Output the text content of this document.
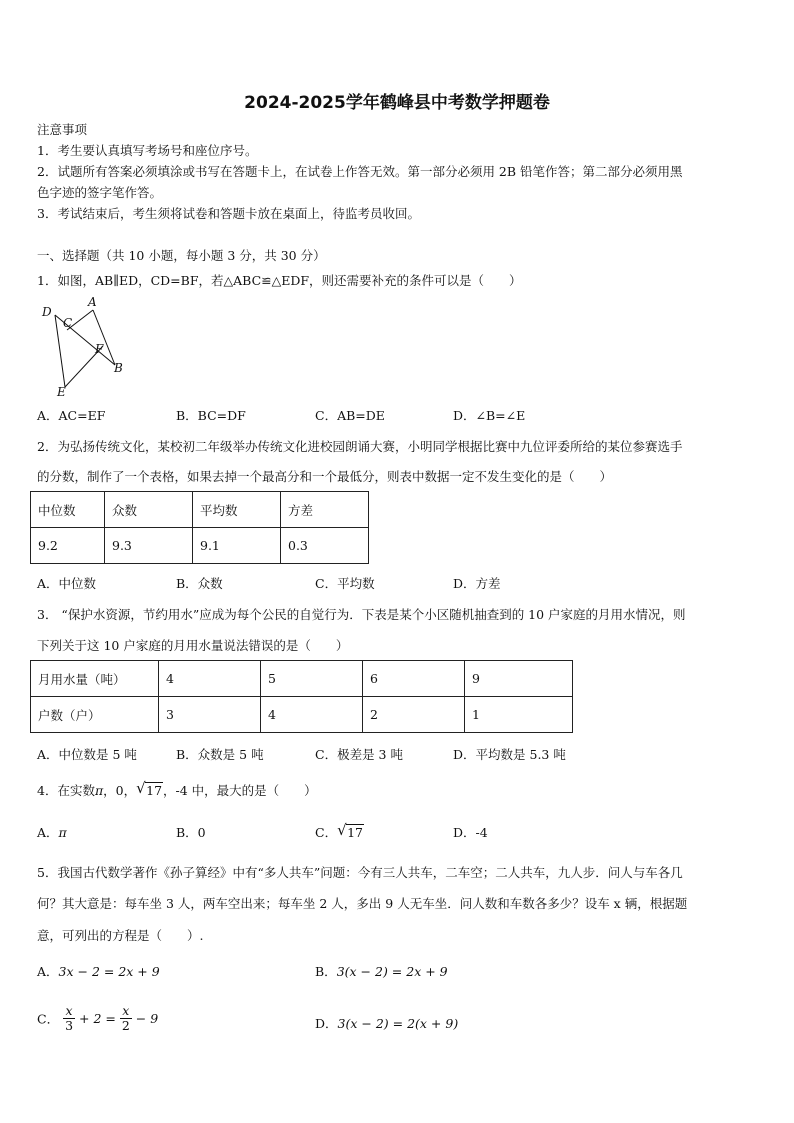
2024-2025学年鹤峰县中考数学押题卷
注意事项
1．考生要认真填写考场号和座位序号。
2．试题所有答案必须填涂或书写在答题卡上，在试卷上作答无效。第一部分必须用 2B 铅笔作答；第二部分必须用黑
色字迹的签字笔作答。
3．考试结束后，考生须将试卷和答题卡放在桌面上，待监考员收回。
一、选择题（共 10 小题，每小题 3 分，共 30 分）
1．如图，AB∥ED，CD=BF，若△ABC≌△EDF，则还需要补充的条件可以是（　　）
A
D
C
F
B
E
A．AC=EF	B．BC=DF	C．AB=DE	D．∠B=∠E
2．为弘扬传统文化，某校初二年级举办传统文化进校园朗诵大赛，小明同学根据比赛中九位评委所给的某位参赛选手
的分数，制作了一个表格，如果去掉一个最高分和一个最低分，则表中数据一定不发生变化的是（　　）
中位数	众数	平均数	方差
9.2	9.3	9.1	0.3
A．中位数	B．众数	C．平均数	D．方差
3． “保护水资源，节约用水”应成为每个公民的自觉行为．下表是某个小区随机抽查到的 10 户家庭的月用水情况，则
下列关于这 10 户家庭的月用水量说法错误的是（　　）
月用水量（吨）	4	5	6	9
户数（户）	3	4	2	1
A．中位数是 5 吨	B．众数是 5 吨	C．极差是 3 吨	D．平均数是 5.3 吨
4．在实数π，0， √ 17，-4 中，最大的是（　　）
A．π	B．0	C． √ 17	D．-4
5．我国古代数学著作《孙子算经》中有“多人共车”问题：今有三人共车，二车空；二人共车，九人步．问人与车各几
何？其大意是：每车坐 3 人，两车空出来；每车坐 2 人，多出 9 人无车坐．问人数和车数各多少？设车 x 辆，根据题
意，可列出的方程是（　　）.
A．3x − 2 = 2x + 9	B．3(x − 2) = 2x + 9
C． $\frac{x}{3} + 2 = \frac{x}{2} - 9$	D．3(x − 2) = 2(x + 9)
